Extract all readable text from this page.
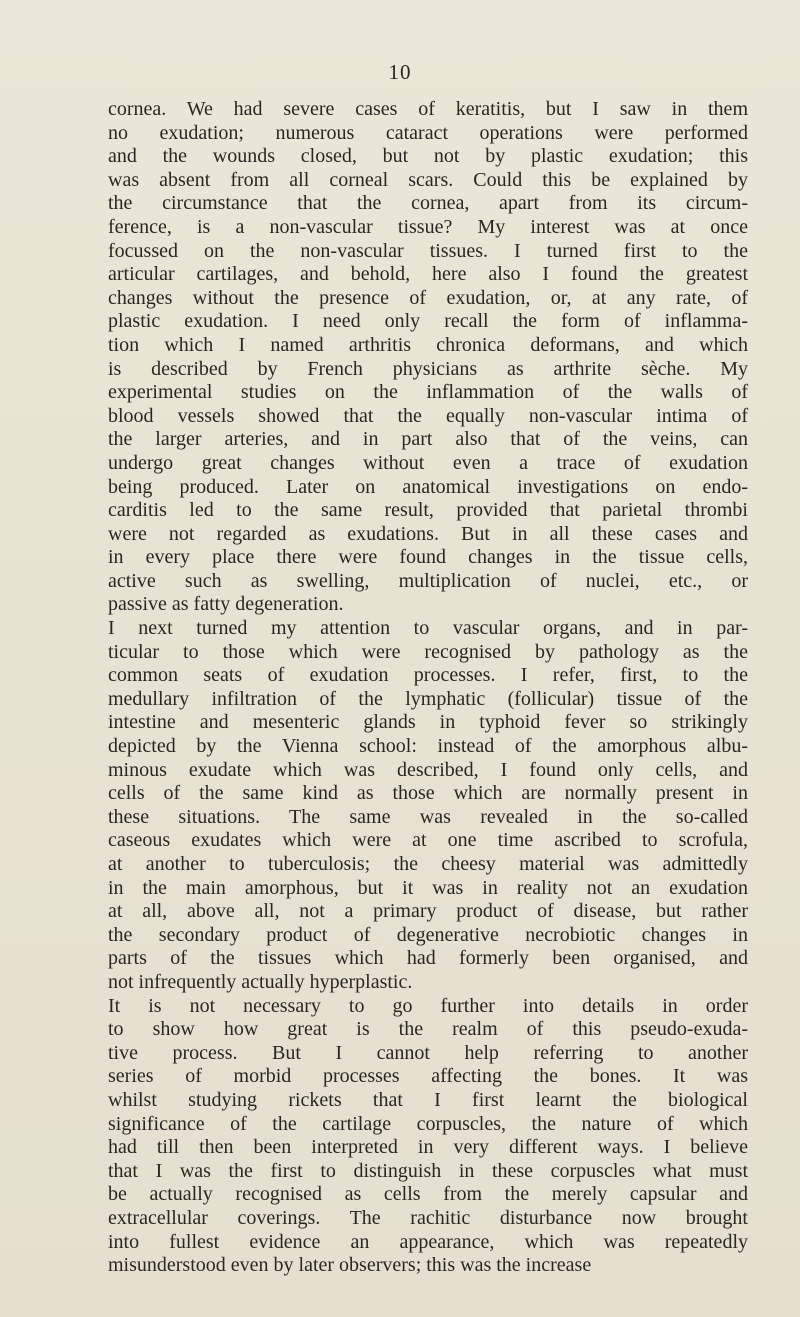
10
cornea. We had severe cases of keratitis, but I saw in them
no exudation; numerous cataract operations were performed
and the wounds closed, but not by plastic exudation; this
was absent from all corneal scars. Could this be explained by
the circumstance that the cornea, apart from its circum-
ference, is a non-vascular tissue? My interest was at once
focussed on the non-vascular tissues. I turned first to the
articular cartilages, and behold, here also I found the greatest
changes without the presence of exudation, or, at any rate, of
plastic exudation. I need only recall the form of inflamma-
tion which I named arthritis chronica deformans, and which
is described by French physicians as arthrite sèche. My
experimental studies on the inflammation of the walls of
blood vessels showed that the equally non-vascular intima of
the larger arteries, and in part also that of the veins, can
undergo great changes without even a trace of exudation
being produced. Later on anatomical investigations on endo-
carditis led to the same result, provided that parietal thrombi
were not regarded as exudations. But in all these cases and
in every place there were found changes in the tissue cells,
active such as swelling, multiplication of nuclei, etc., or
passive as fatty degeneration.
I next turned my attention to vascular organs, and in par-
ticular to those which were recognised by pathology as the
common seats of exudation processes. I refer, first, to the
medullary infiltration of the lymphatic (follicular) tissue of the
intestine and mesenteric glands in typhoid fever so strikingly
depicted by the Vienna school: instead of the amorphous albu-
minous exudate which was described, I found only cells, and
cells of the same kind as those which are normally present in
these situations. The same was revealed in the so-called
caseous exudates which were at one time ascribed to scrofula,
at another to tuberculosis; the cheesy material was admittedly
in the main amorphous, but it was in reality not an exudation
at all, above all, not a primary product of disease, but rather
the secondary product of degenerative necrobiotic changes in
parts of the tissues which had formerly been organised, and
not infrequently actually hyperplastic.
It is not necessary to go further into details in order
to show how great is the realm of this pseudo-exuda-
tive process. But I cannot help referring to another
series of morbid processes affecting the bones. It was
whilst studying rickets that I first learnt the biological
significance of the cartilage corpuscles, the nature of which
had till then been interpreted in very different ways. I believe
that I was the first to distinguish in these corpuscles what must
be actually recognised as cells from the merely capsular and
extracellular coverings. The rachitic disturbance now brought
into fullest evidence an appearance, which was repeatedly
misunderstood even by later observers; this was the increase
